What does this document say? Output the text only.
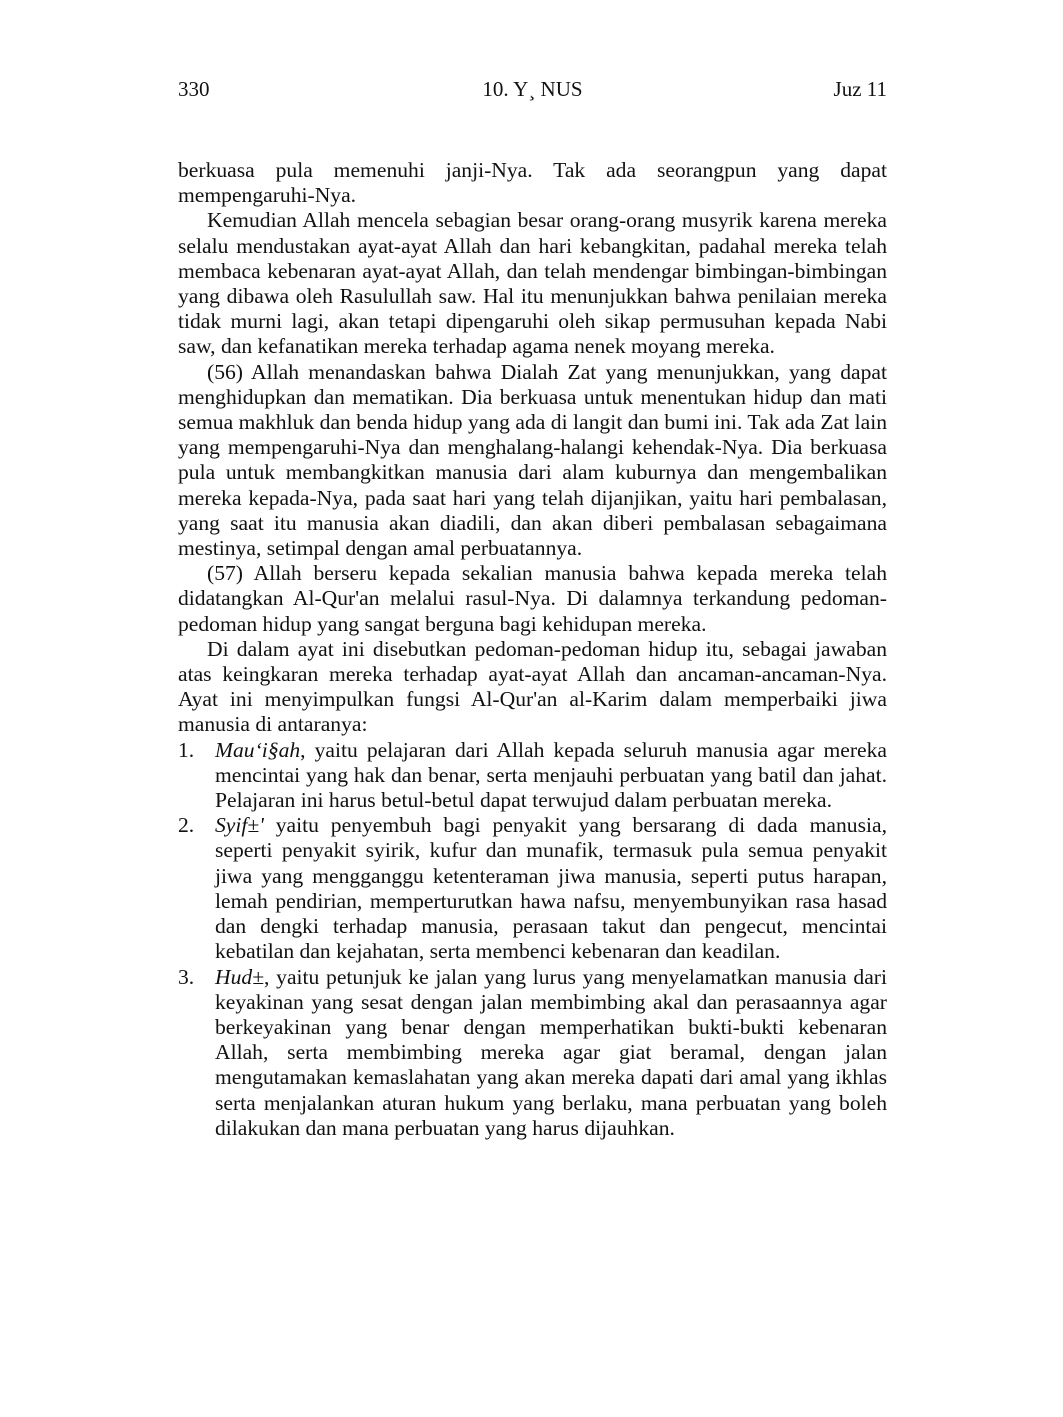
330	10. Y¸ NUS	Juz 11

berkuasa pula memenuhi janji-Nya. Tak ada seorangpun yang dapat mempengaruhi-Nya.

Kemudian Allah mencela sebagian besar orang-orang musyrik karena mereka selalu mendustakan ayat-ayat Allah dan hari kebangkitan, padahal mereka telah membaca kebenaran ayat-ayat Allah, dan telah mendengar bimbingan-bimbingan yang dibawa oleh Rasulullah saw. Hal itu menunjukkan bahwa penilaian mereka tidak murni lagi, akan tetapi dipengaruhi oleh sikap permusuhan kepada Nabi saw, dan kefanatikan mereka terhadap agama nenek moyang mereka.

(56) Allah menandaskan bahwa Dialah Zat yang menunjukkan, yang dapat menghidupkan dan mematikan. Dia berkuasa untuk menentukan hidup dan mati semua makhluk dan benda hidup yang ada di langit dan bumi ini. Tak ada Zat lain yang mempengaruhi-Nya dan menghalang-halangi kehendak-Nya. Dia berkuasa pula untuk membangkitkan manusia dari alam kuburnya dan mengembalikan mereka kepada-Nya, pada saat hari yang telah dijanjikan, yaitu hari pembalasan, yang saat itu manusia akan diadili, dan akan diberi pembalasan sebagaimana mestinya, setimpal dengan amal perbuatannya.

(57) Allah berseru kepada sekalian manusia bahwa kepada mereka telah didatangkan Al-Qur'an melalui rasul-Nya. Di dalamnya terkandung pedoman-pedoman hidup yang sangat berguna bagi kehidupan mereka.

Di dalam ayat ini disebutkan pedoman-pedoman hidup itu, sebagai jawaban atas keingkaran mereka terhadap ayat-ayat Allah dan ancaman-ancaman-Nya. Ayat ini menyimpulkan fungsi Al-Qur'an al-Karim dalam memperbaiki jiwa manusia di antaranya:

1. Mau‘i§ah, yaitu pelajaran dari Allah kepada seluruh manusia agar mereka mencintai yang hak dan benar, serta menjauhi perbuatan yang batil dan jahat. Pelajaran ini harus betul-betul dapat terwujud dalam perbuatan mereka.
2. Syif±' yaitu penyembuh bagi penyakit yang bersarang di dada manusia, seperti penyakit syirik, kufur dan munafik, termasuk pula semua penyakit jiwa yang mengganggu ketenteraman jiwa manusia, seperti putus harapan, lemah pendirian, memperturutkan hawa nafsu, menyembunyikan rasa hasad dan dengki terhadap manusia, perasaan takut dan pengecut, mencintai kebatilan dan kejahatan, serta membenci kebenaran dan keadilan.
3. Hud±, yaitu petunjuk ke jalan yang lurus yang menyelamatkan manusia dari keyakinan yang sesat dengan jalan membimbing akal dan perasaannya agar berkeyakinan yang benar dengan memperhatikan bukti-bukti kebenaran Allah, serta membimbing mereka agar giat beramal, dengan jalan mengutamakan kemaslahatan yang akan mereka dapati dari amal yang ikhlas serta menjalankan aturan hukum yang berlaku, mana perbuatan yang boleh dilakukan dan mana perbuatan yang harus dijauhkan.
